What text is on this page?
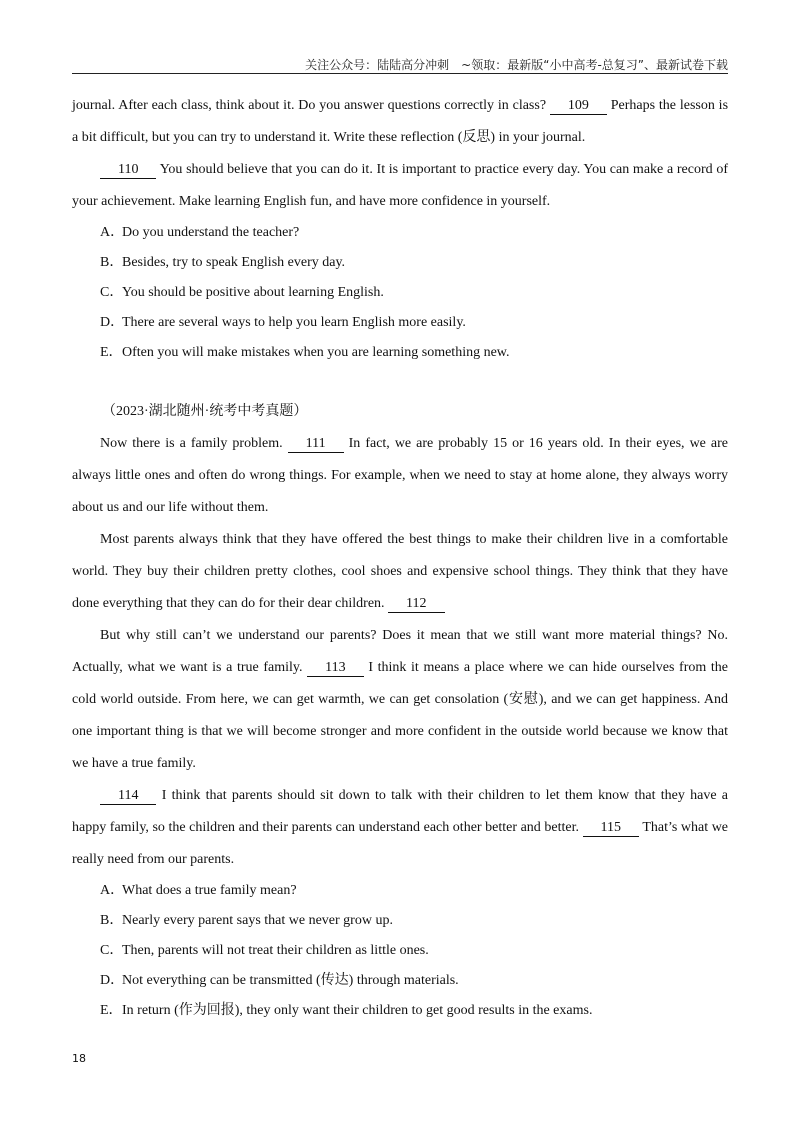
关注公众号：陆陆高分冲刺　~领取：最新版“小中高考-总复习”、最新试卷下载

journal. After each class, think about it. Do you answer questions correctly in class? 109 Perhaps the lesson is a bit difficult, but you can try to understand it. Write these reflection (反思) in your journal.

110 You should believe that you can do it. It is important to practice every day. You can make a record of your achievement. Make learning English fun, and have more confidence in yourself.

A．Do you understand the teacher?

B．Besides, try to speak English every day.

C．You should be positive about learning English.

D．There are several ways to help you learn English more easily.

E．Often you will make mistakes when you are learning something new.

（2023·湖北随州·统考中考真题）

Now there is a family problem. 111 In fact, we are probably 15 or 16 years old. In their eyes, we are always little ones and often do wrong things. For example, when we need to stay at home alone, they always worry about us and our life without them.

Most parents always think that they have offered the best things to make their children live in a comfortable world. They buy their children pretty clothes, cool shoes and expensive school things. They think that they have done everything that they can do for their dear children. 112

But why still can’t we understand our parents? Does it mean that we still want more material things? No. Actually, what we want is a true family. 113 I think it means a place where we can hide ourselves from the cold world outside. From here, we can get warmth, we can get consolation (安慰), and we can get happiness. And one important thing is that we will become stronger and more confident in the outside world because we know that we have a true family.

114 I think that parents should sit down to talk with their children to let them know that they have a happy family, so the children and their parents can understand each other better and better. 115 That’s what we really need from our parents.

A．What does a true family mean?

B．Nearly every parent says that we never grow up.

C．Then, parents will not treat their children as little ones.

D．Not everything can be transmitted (传达) through materials.

E．In return (作为回报), they only want their children to get good results in the exams.

18
